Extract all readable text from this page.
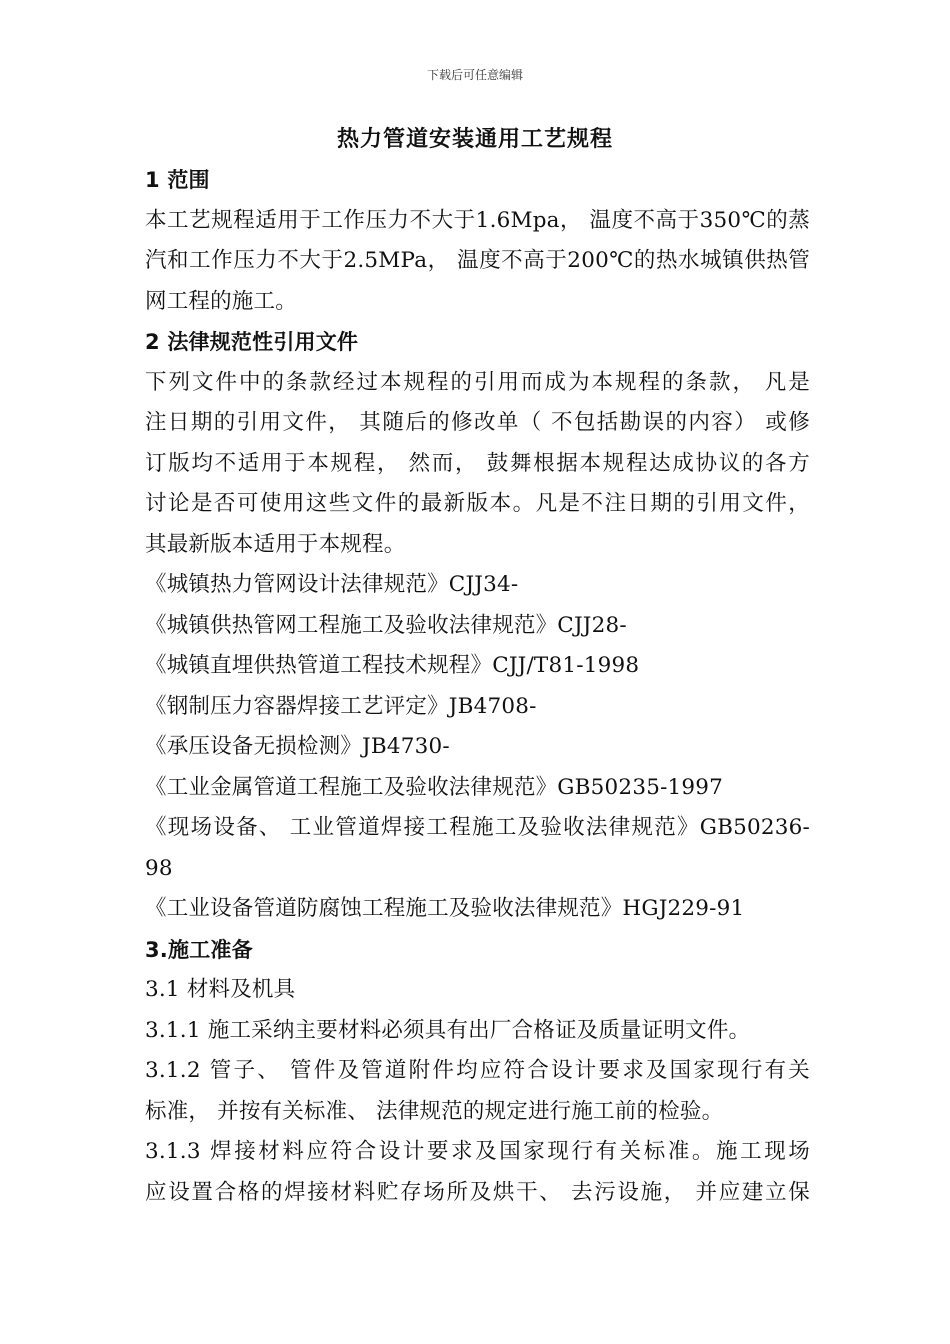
下载后可任意编辑
热力管道安装通用工艺规程
1 范围
本工艺规程适用于工作压力不大于1.6Mpa， 温度不高于350℃的蒸
汽和工作压力不大于2.5MPa， 温度不高于200℃的热水城镇供热管
网工程的施工。
2 法律规范性引用文件
下列文件中的条款经过本规程的引用而成为本规程的条款， 凡是
注日期的引用文件， 其随后的修改单（ 不包括勘误的内容） 或修
订版均不适用于本规程， 然而， 鼓舞根据本规程达成协议的各方
讨论是否可使用这些文件的最新版本。凡是不注日期的引用文件，
其最新版本适用于本规程。
《城镇热力管网设计法律规范》CJJ34-
《城镇供热管网工程施工及验收法律规范》CJJ28-
《城镇直埋供热管道工程技术规程》CJJ/T81-1998
《钢制压力容器焊接工艺评定》JB4708-
《承压设备无损检测》JB4730-
《工业金属管道工程施工及验收法律规范》GB50235-1997
《现场设备、 工业管道焊接工程施工及验收法律规范》GB50236-
98
《工业设备管道防腐蚀工程施工及验收法律规范》HGJ229-91
3.施工准备
3.1 材料及机具
3.1.1 施工采纳主要材料必须具有出厂合格证及质量证明文件。
3.1.2 管子、 管件及管道附件均应符合设计要求及国家现行有关
标准， 并按有关标准、 法律规范的规定进行施工前的检验。
3.1.3 焊接材料应符合设计要求及国家现行有关标准。施工现场
应设置合格的焊接材料贮存场所及烘干、 去污设施， 并应建立保
